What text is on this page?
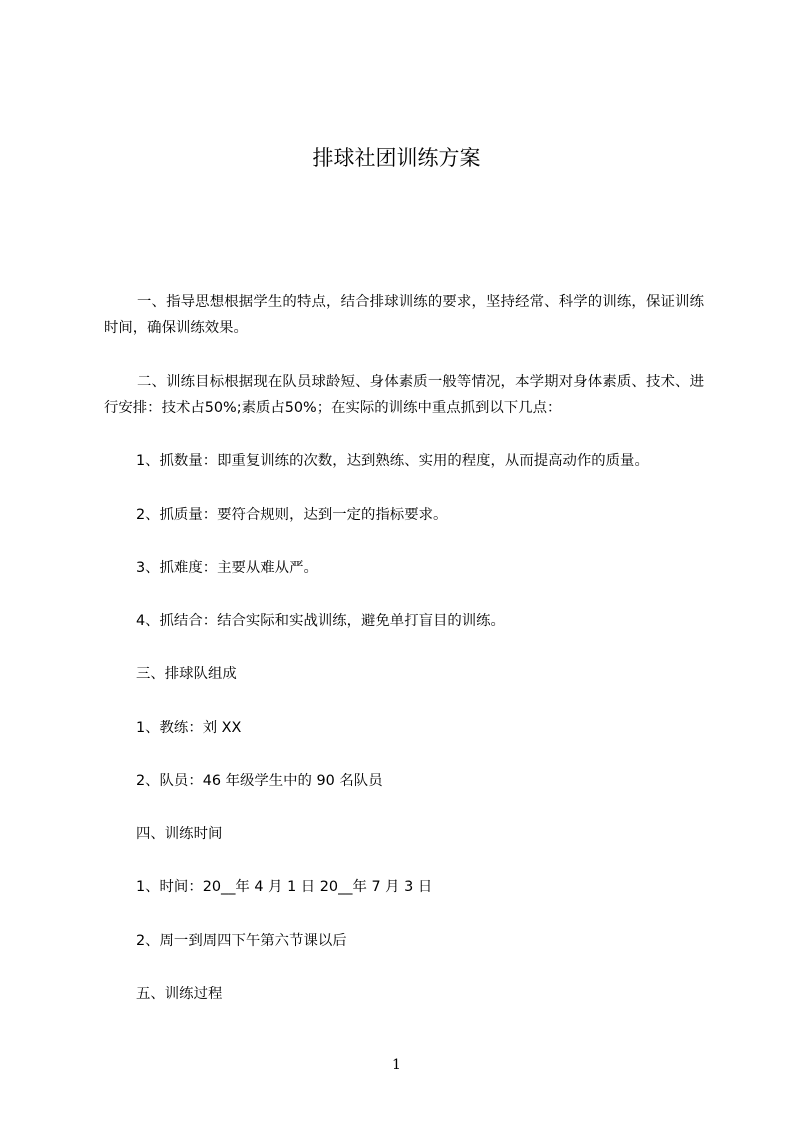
排球社团训练方案

一、指导思想根据学生的特点，结合排球训练的要求，坚持经常、科学的训练，保证训练时间，确保训练效果。

二、训练目标根据现在队员球龄短、身体素质一般等情况，本学期对身体素质、技术、进行安排：技术占50%;素质占50%；在实际的训练中重点抓到以下几点：

1、抓数量：即重复训练的次数，达到熟练、实用的程度，从而提高动作的质量。

2、抓质量：要符合规则，达到一定的指标要求。

3、抓难度：主要从难从严。

4、抓结合：结合实际和实战训练，避免单打盲目的训练。

三、排球队组成

1、教练：刘 XX

2、队员：46 年级学生中的 90 名队员

四、训练时间

1、时间：20__年 4 月 1 日 20__年 7 月 3 日

2、周一到周四下午第六节课以后

五、训练过程

1
